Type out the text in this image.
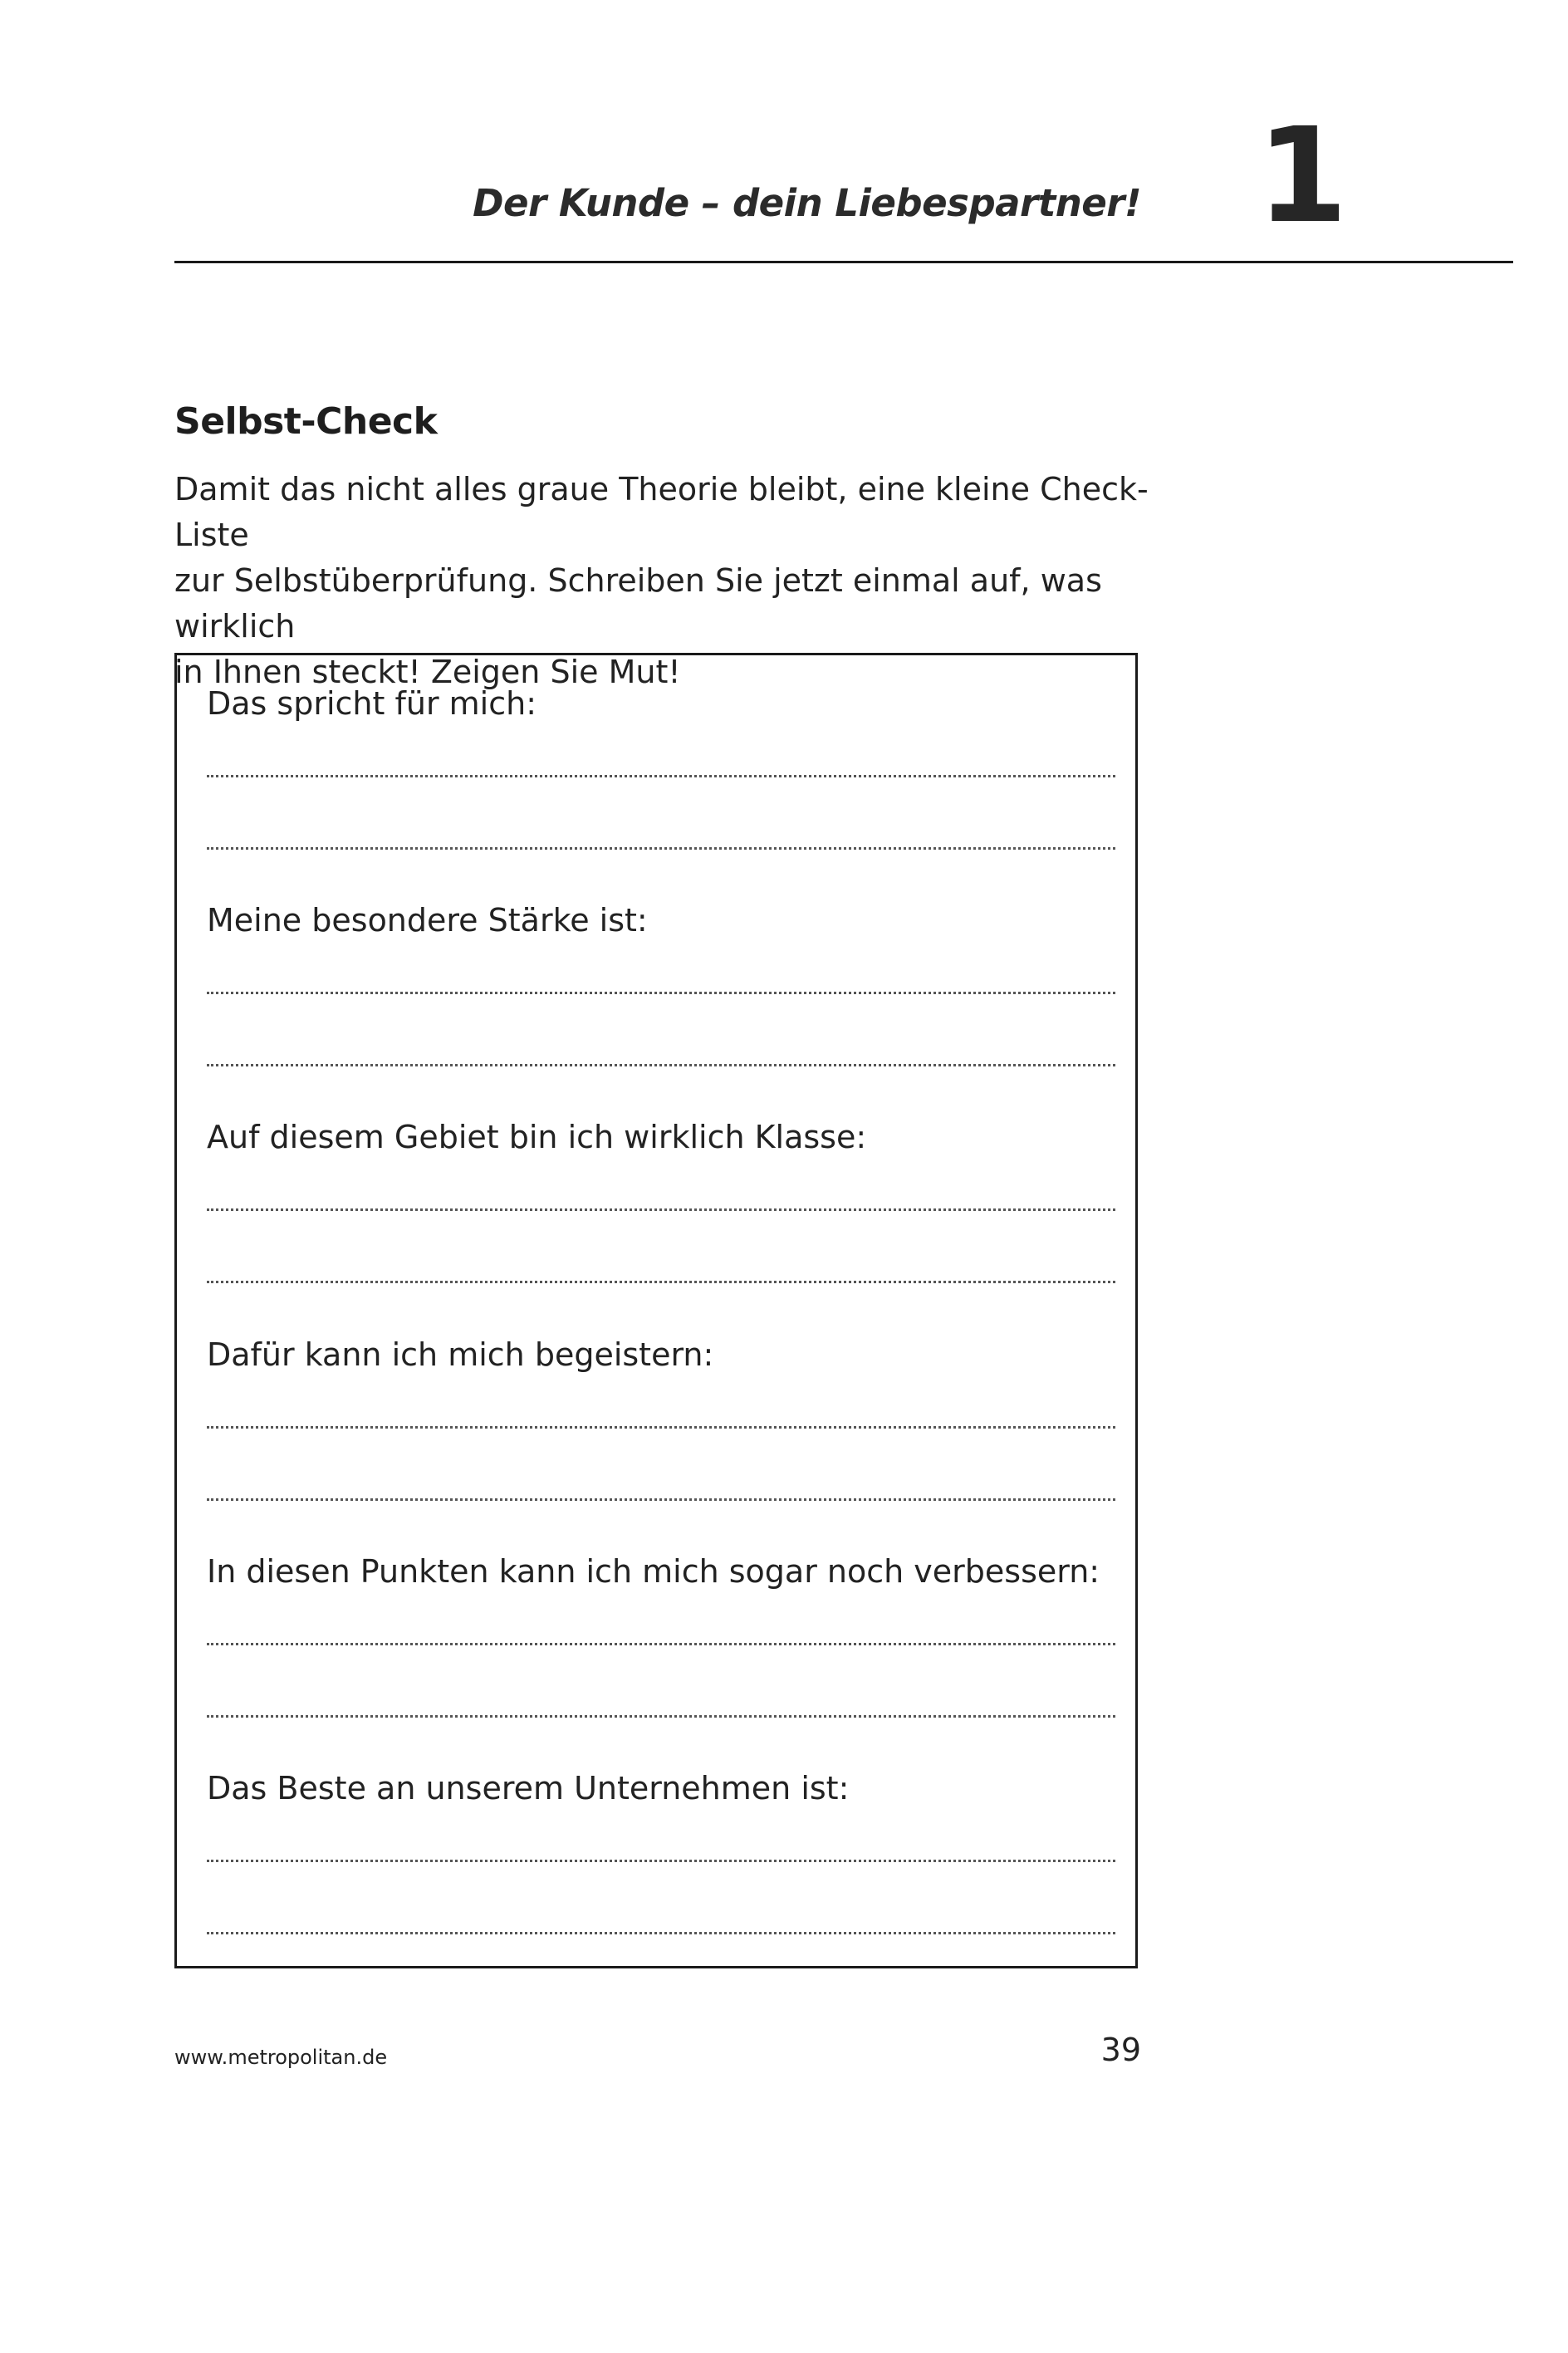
Der Kunde – dein Liebespartner! 1
Selbst-Check

Damit das nicht alles graue Theorie bleibt, eine kleine Check-Liste
zur Selbstüberprüfung. Schreiben Sie jetzt einmal auf, was wirklich
in Ihnen steckt! Zeigen Sie Mut!

Das spricht für mich:
Meine besondere Stärke ist:
Auf diesem Gebiet bin ich wirklich Klasse:
Dafür kann ich mich begeistern:
In diesen Punkten kann ich mich sogar noch verbessern:
Das Beste an unserem Unternehmen ist:
www.metropolitan.de	39
